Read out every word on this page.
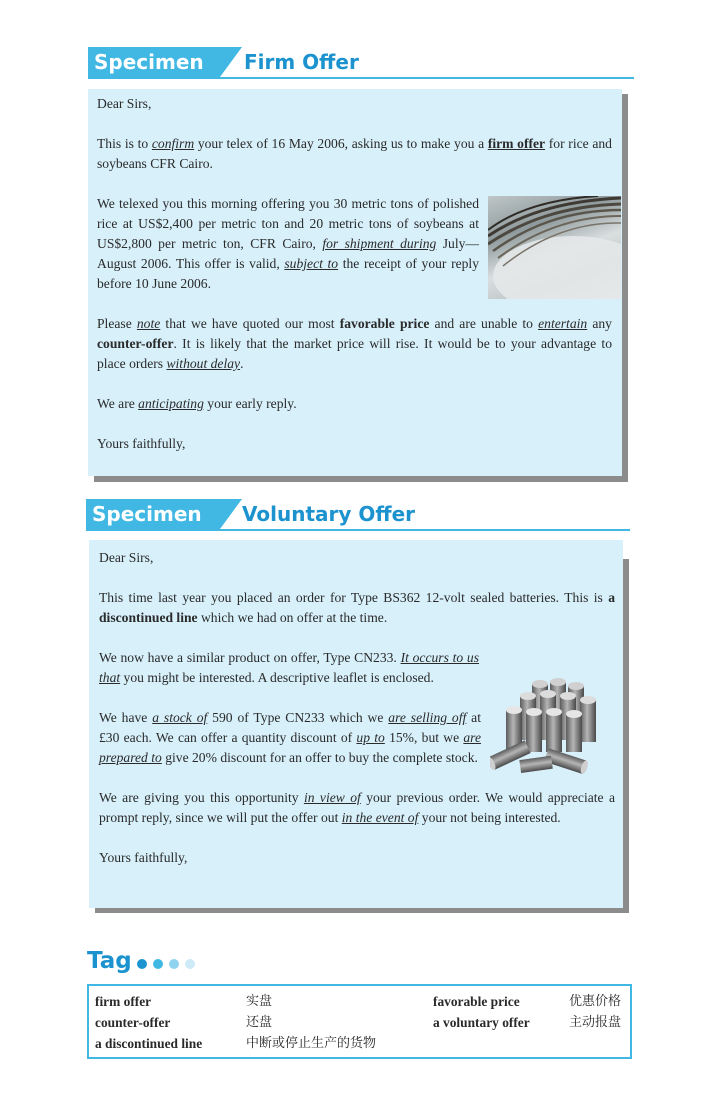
Specimen	Firm Offer

Dear Sirs,

This is to confirm your telex of 16 May 2006, asking us to make you a firm offer for rice and soybeans CFR Cairo.

We telexed you this morning offering you 30 metric tons of polished rice at US$2,400 per metric ton and 20 metric tons of soybeans at US$2,800 per metric ton, CFR Cairo, for shipment during July—August 2006. This offer is valid, subject to the receipt of your reply before 10 June 2006.

Please note that we have quoted our most favorable price and are unable to entertain any counter-offer. It is likely that the market price will rise. It would be to your advantage to place orders without delay.

We are anticipating your early reply.

Yours faithfully,

Specimen	Voluntary Offer

Dear Sirs,

This time last year you placed an order for Type BS362 12-volt sealed batteries. This is a discontinued line which we had on offer at the time.

We now have a similar product on offer, Type CN233. It occurs to us that you might be interested. A descriptive leaflet is enclosed.

We have a stock of 590 of Type CN233 which we are selling off at £30 each. We can offer a quantity discount of up to 15%, but we are prepared to give 20% discount for an offer to buy the complete stock.

We are giving you this opportunity in view of your previous order. We would appreciate a prompt reply, since we will put the offer out in the event of your not being interested.

Yours faithfully,

Tag
firm offer	实盘	favorable price	优惠价格
counter-offer	还盘	a voluntary offer	主动报盘
a discontinued line	中断或停止生产的货物
